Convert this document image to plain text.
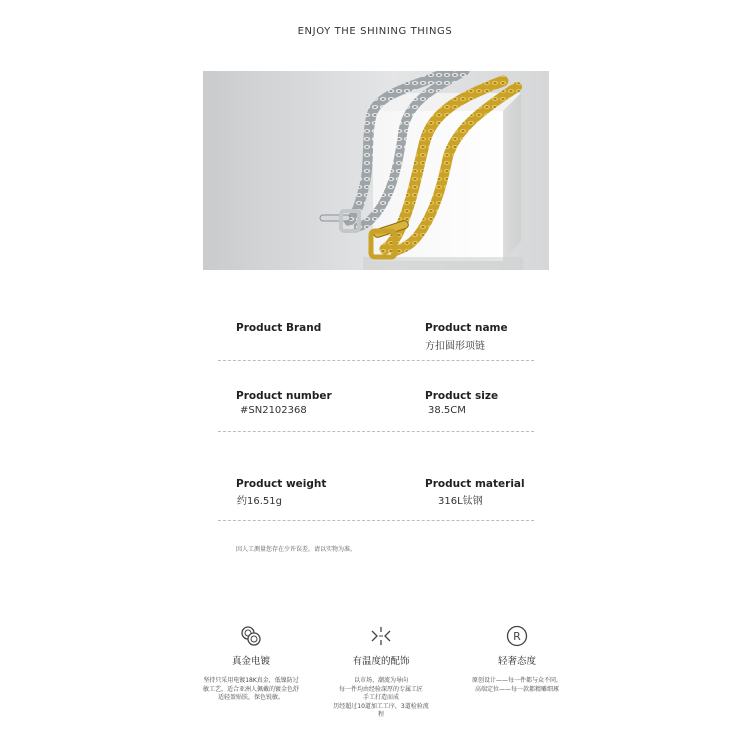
ENJOY THE SHINING THINGS
Product Brand	Product name
方扣圆形项链
Product number
#SN2102368
Product size
38.5CM
Product weight
约16.51g
Product material
316L钛钢
因人工测量您存在少许误差，请以实物为准。
真金电镀
坚持只采用电镀18K真金，低镍防过
敏工艺，适合亚洲人佩戴的镀金色舒
适轻盈贴肤，保色锐敏。
有温度的配饰
以市场、潮流为导向
每一件均由经验深厚的专属工匠
手工打造而成
历经超过10道加工工序，3道检验流
程
R
轻奢态度
原创设计——每一件都与众不同，
高端定位——每一款都精雕细琢
